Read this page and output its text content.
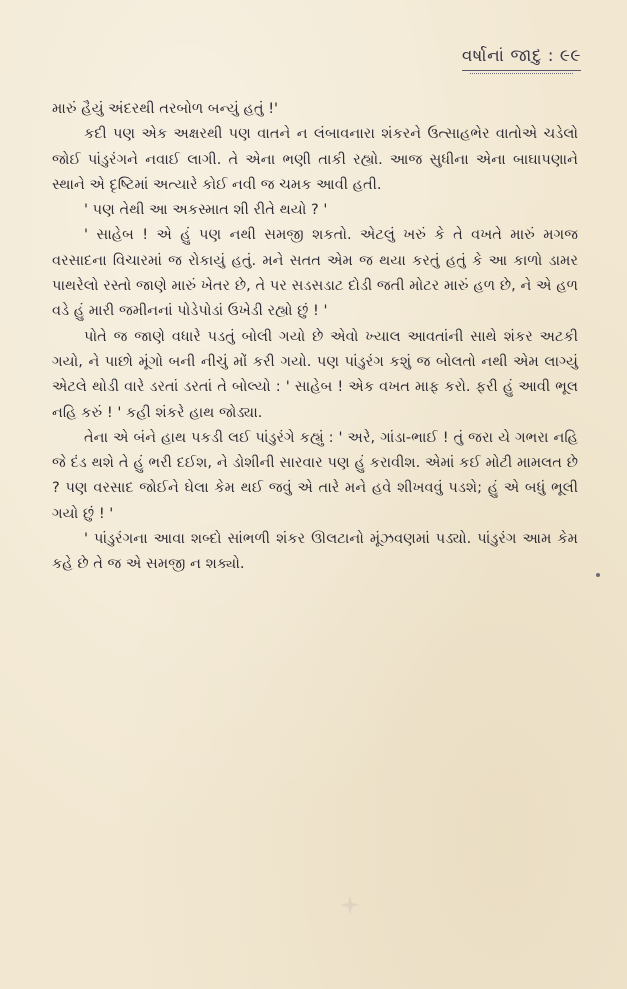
વર્ષાનાં જાદુ : ૯૯

મારું હૈયું અંદરથી તરબોળ બન્યું હતું !'

કદી પણ એક અક્ષરથી પણ વાતને ન લંબાવનારા શંકરને ઉત્સાહભેર વાતોએ ચડેલો જોઈ પાંડુરંગને નવાઈ લાગી. તે એના ભણી તાકી રહ્યો. આજ સુધીના એના બાઘાપણાને સ્થાને એ દૃષ્ટિમાં અત્યારે કોઈ નવી જ ચમક આવી હતી.

' પણ તેથી આ અકસ્માત શી રીતે થયો ? '

' સાહેબ ! એ હું પણ નથી સમજી શકતો. એટલું ખરું કે તે વખતે મારું મગજ વરસાદના વિચારમાં જ રોકાયું હતું. મને સતત એમ જ થયા કરતું હતું કે આ કાળો ડામર પાથરેલો રસ્તો જાણે મારું ખેતર છે, તે પર સડસડાટ દોડી જતી મોટર મારું હળ છે, ને એ હળ વડે હું મારી જમીનનાં પોડેપોડાં ઉખેડી રહ્યો છું ! '

પોતે જ જાણે વધારે પડતું બોલી ગયો છે એવો ખ્યાલ આવતાંની સાથે શંકર અટકી ગયો, ને પાછો મૂંગો બની નીચું મોં કરી ગયો. પણ પાંડુરંગ કશું જ બોલતો નથી એમ લાગ્યું એટલે થોડી વારે ડરતાં ડરતાં તે બોલ્યો : ' સાહેબ ! એક વખત માફ કરો. ફરી હું આવી ભૂલ નહિ કરું ! ' કહી શંકરે હાથ જોડ્યા.

તેના એ બંને હાથ પકડી લઈ પાંડુરંગે કહ્યું : ' અરે, ગાંડા-ભાઈ ! તું જરા યે ગભરા નહિ જે દંડ થશે તે હું ભરી દઈશ, ને ડોશીની સારવાર પણ હું કરાવીશ. એમાં કઈ મોટી મામલત છે ? પણ વરસાદ જોઈને ઘેલા કેમ થઈ જવું એ તારે મને હવે શીખવવું પડશે; હું એ બધું ભૂલી ગયો છું ! '

' પાંડુરંગના આવા શબ્દો સાંભળી શંકર ઊલટાનો મૂંઝવણમાં પડ્યો. પાંડુરંગ આમ કેમ કહે છે તે જ એ સમજી ન શક્યો.
